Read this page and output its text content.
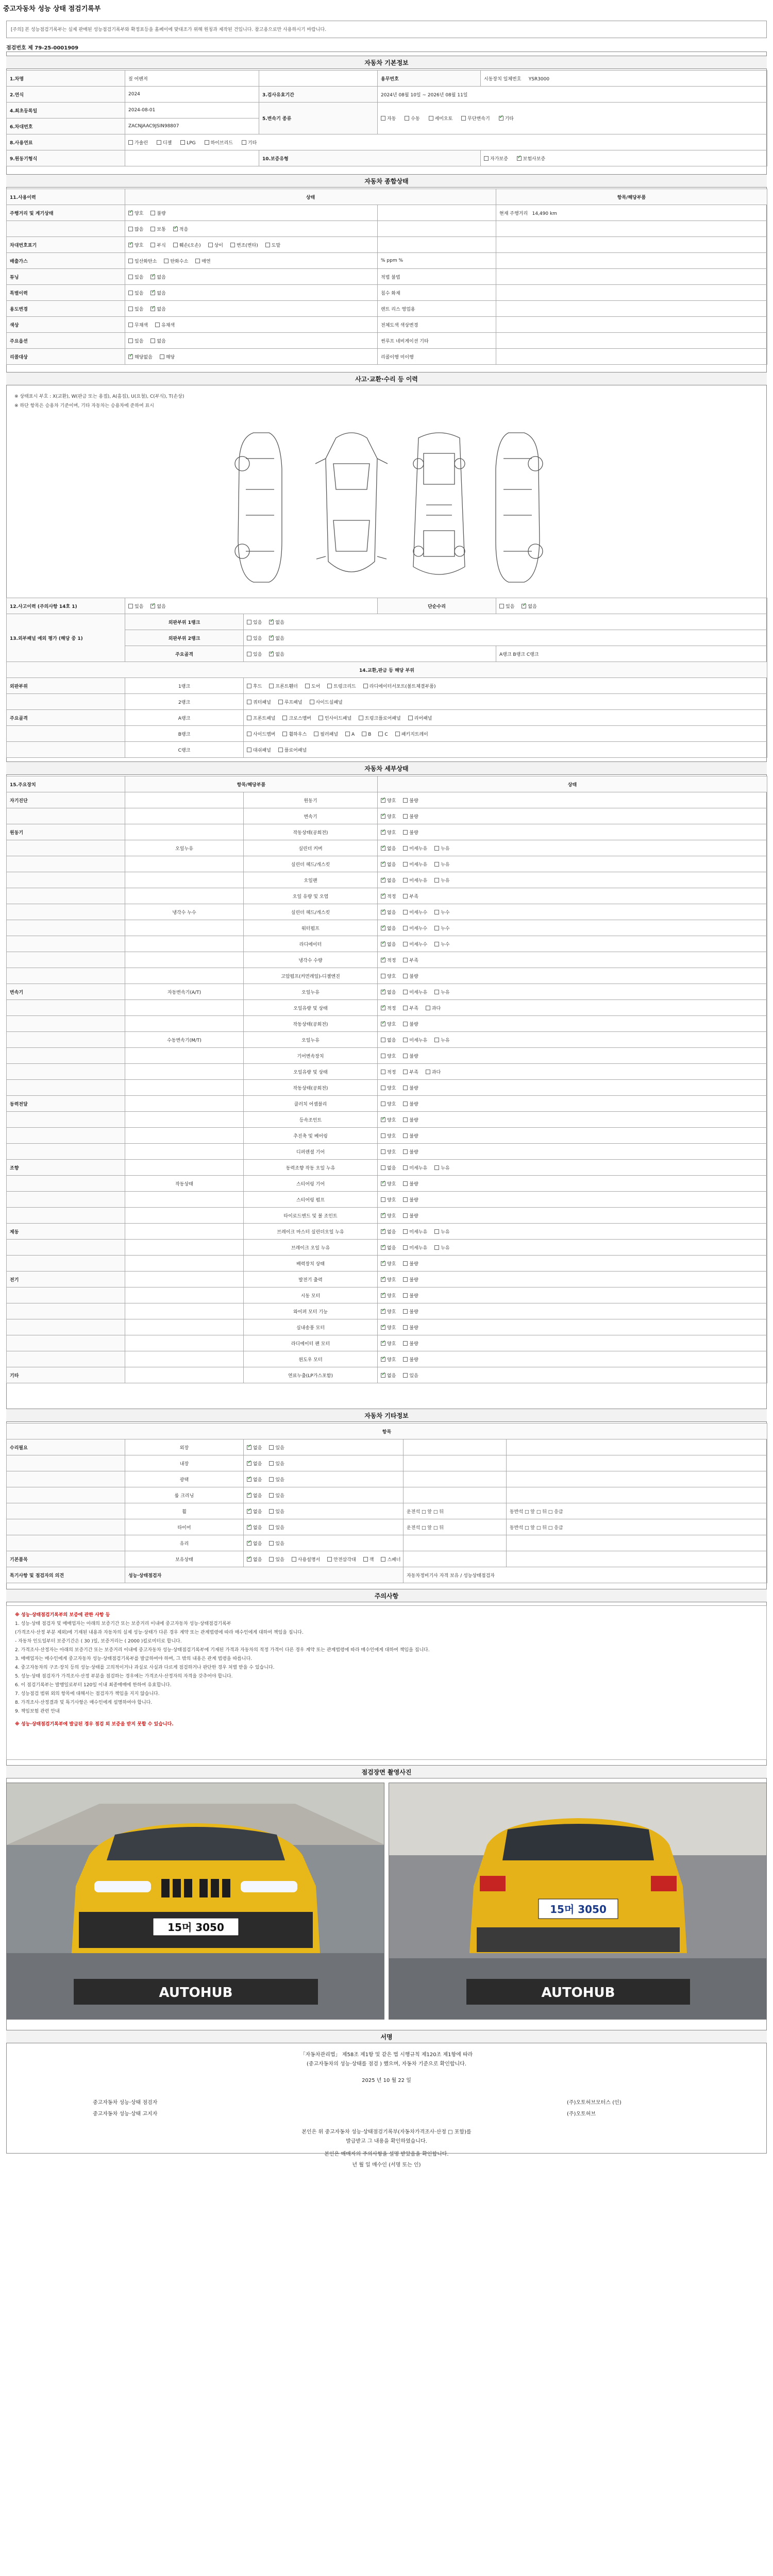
중고자동차 성능 상태 점검기록부
[주의] 본 성능점검기록부는 실제 판매된 성능점검기록부와 확정표등을 홈페이에 맞대조가 위해 원칭과 제작된 건입니다. 참고용으로만 사용하시기 바랍니다.
점검번호 제 79-25-0001909
자동차 기본정보
1.차명	짚 어벤저		용무번호	시동장치 일체번호 YSR3000
2.연식	2024	3.검사유효기간	2024년 08월 10일 ~ 2026년 08월 11일	
4.최초등록일	2024-08-01	5.변속기 종류	자동 수동 세미오토 무단변속기 ✓ 기타
6.차대번호	ZACNJAAC9JSIN98807			
8.사용연료	가솔린 디젤 LPG 하이브리드 기타			
9.원동기형식		10.보증유형		자가보증 ✓ 보험사보증
자동차 종합상태
11.사용이력	상태		항목/해당부품
주행거리 및 계기상태	✓양호 불량		현재 주행거리   14,490 km
	많음 보통 ✓ 적음		
차대번호표기	✓양호 부식 훼손(오손) 상이 변조(변타) 도말		
배출가스	일산화탄소 탄화수소 매연	% ppm %	
튜닝	있음 ✓ 없음	적법 불법	
특별이력	있음 ✓ 없음	침수 화재	
용도변경	있음 ✓ 없음	렌트 리스 영업용	
색상	무채색 유채색	전체도색 색상변경	
주요옵션	있음 없음	썬루프 네비게이션 기타	
리콜대상	✓해당없음 해당	리콜이행 미이행	
사고·교환·수리 등 이력
※ 상태표시 부호 : X(교환), W(판금 또는 용접), A(흠집), U(요철), C(부식), T(손상)
※ 하단 항목은 승용차 기준이며, 기타 자동차는 승용차에 준하여 표시
12.사고이력 (주의사항 14호 1)	있음 ✓ 없음		단순수리	있음 ✓ 없음
13.외부패널 예외 평가 (해당 중 1)	외판부위 1랭크	있음 ✓ 없음
	외판부위 2랭크	있음 ✓ 없음
	주요골격	있음 ✓ 없음		A랭크 B랭크 C랭크
14.교환,판금 등 해당 부위				
외판부위	1랭크	후드 프론트휀더 도어 트렁크리드 라디에이터서포트(볼트체결부품)		
	2랭크	쿼터패널 루프패널 사이드실패널		
주요골격	A랭크	프론트패널 크로스멤버 인사이드패널 트렁크플로어패널 리어패널		
	B랭크	사이드멤버 휠하우스 필러패널 A B C 패키지트레이		
	C랭크	대쉬패널 플로어패널		
자동차 세부상태
15.주요장치	항목/해당부품		상태
자기진단		원동기	✓양호 불량
		변속기	✓양호 불량
원동기		작동상태(공회전)	✓양호 불량
	오일누유	실린더 커버	✓없음 미세누유 누유
		실린더 헤드/개스킷	✓없음 미세누유 누유
		오일팬	✓없음 미세누유 누유
		오일 유량 및 오염	✓적정 부족
	냉각수 누수	실린더 헤드/개스킷	✓없음 미세누수 누수
		워터펌프	✓없음 미세누수 누수
		라디에이터	✓없음 미세누수 누수
		냉각수 수량	✓적정 부족
		고압펌프(커먼레일)-디젤엔진	양호 불량
변속기	자동변속기(A/T)	오일누유	✓없음 미세누유 누유
		오일유량 및 상태	✓적정 부족 과다
		작동상태(공회전)	✓양호 불량
	수동변속기(M/T)	오일누유	없음 미세누유 누유
		기어변속장치	양호 불량
		오일유량 및 상태	적정 부족 과다
		작동상태(공회전)	양호 불량
동력전달		클러치 어셈블리	양호 불량
		등속조인트	✓양호 불량
		추진축 및 베어링	양호 불량
		디퍼렌셜 기어	양호 불량
조향		동력조향 작동 오일 누유	없음 미세누유 누유
	작동상태	스티어링 기어	✓양호 불량
		스티어링 펌프	양호 불량
		타이로드엔드 및 볼 조인트	✓양호 불량
제동		브레이크 마스터 실린더오일 누유	✓없음 미세누유 누유
		브레이크 오일 누유	✓없음 미세누유 누유
		배력장치 상태	✓양호 불량
전기		발전기 출력	✓양호 불량
		시동 모터	✓양호 불량
		와이퍼 모터 기능	✓양호 불량
		실내송풍 모터	✓양호 불량
		라디에이터 팬 모터	✓양호 불량
		윈도우 모터	✓양호 불량
기타		연료누출(LP가스포함)	✓없음 있음
자동차 기타정보
항목				
수리필요	외장	✓없음 있음		
	내장	✓없음 있음		
	광택	✓없음 있음		
	룸 크리닝	✓없음 있음		
	휠	✓없음 있음	운전석 □ 앞 □ 뒤	동반석 □ 앞 □ 뒤 □ 응급
	타이어	✓없음 있음	운전석 □ 앞 □ 뒤	동반석 □ 앞 □ 뒤 □ 응급
	유리	✓없음 있음		
기본품목	보유상태	✓없음 있음 사용설명서 안전삼각대 잭 스패너		
특기사항 및 점검자의 의견	성능·상태점검자		자동차정비기사 자격 보유 / 성능상태점검자	
주의사항
※ 성능·상태점검기록부의 보증에 관한 사항 등
1. 성능·상태 점검자 및 매매업자는 아래의 보증기간 또는 보증거리 이내에 중고자동차 성능·상태점검기록부
(가격조사·산정 부분 제외)에 기재된 내용과 자동차의 실제 성능·상태가 다른 경우 계약 또는 관계법령에 따라 매수인에게 대하여 책임을 집니다.
- 자동차 인도일부터 보증기간은 ( 30 )일, 보증거리는 ( 2000 )킬로미터로 합니다.
2. 가격조사·산정자는 아래의 보증기간 또는 보증거리 이내에 중고자동차 성능·상태점검기록부에 기재된 가격과 자동차의 적정 가격이 다른 경우 계약 또는 관계법령에 따라 매수인에게 대하여 책임을 집니다.
3. 매매업자는 매수인에게 중고자동차 성능·상태점검기록부를 발급하여야 하며, 그 밖의 내용은 관계 법령을 따릅니다.
4. 중고자동차의 구조·장치 등의 성능·상태를 고의적이거나 과실로 사실과 다르게 점검하거나 판단한 경우 처벌 받을 수 있습니다.
5. 성능·상태 점검자가 가격조사·산정 부분을 점검하는 경우에는 가격조사·산정자의 자격을 갖추어야 합니다.
6. 이 점검기록부는 발행일로부터 120일 이내 최종매매에 한하여 유효합니다.
7. 성능점검 범위 외의 항목에 대해서는 점검자가 책임을 지지 않습니다.
8. 가격조사·산정결과 및 특기사항은 매수인에게 설명하여야 합니다.
9. 책임보험 관련 안내
※ 성능·상태점검기록부에 발급된 경우 점검 외 보증을 받지 못할 수 있습니다.
점검장면 촬영사진
15머 3050
AUTOHUB
15머 3050
AUTOHUB
서명
「자동차관리법」 제58조 제1항 및 같은 법 시행규칙 제120조 제1항에 따라
(중고자동차의 성능·상태를 점검 ) 했으며, 자동차 기준으로 확인합니다.
2025 년 10 월 22 일
중고자동차 성능·상태 점검자	(주)오토허브모터스 (인)
중고자동차 성능·상태 고지자	(주)오토허브
본인은 위 중고자동차 성능·상태점검기록부(자동차가격조사·산정 □ 포함)를
발급받고 그 내용을 확인하였습니다.
본인은 매매자의 주의사항을 설명 받았음을 확인합니다.
년 월 일 매수인 (서명 또는 인)
